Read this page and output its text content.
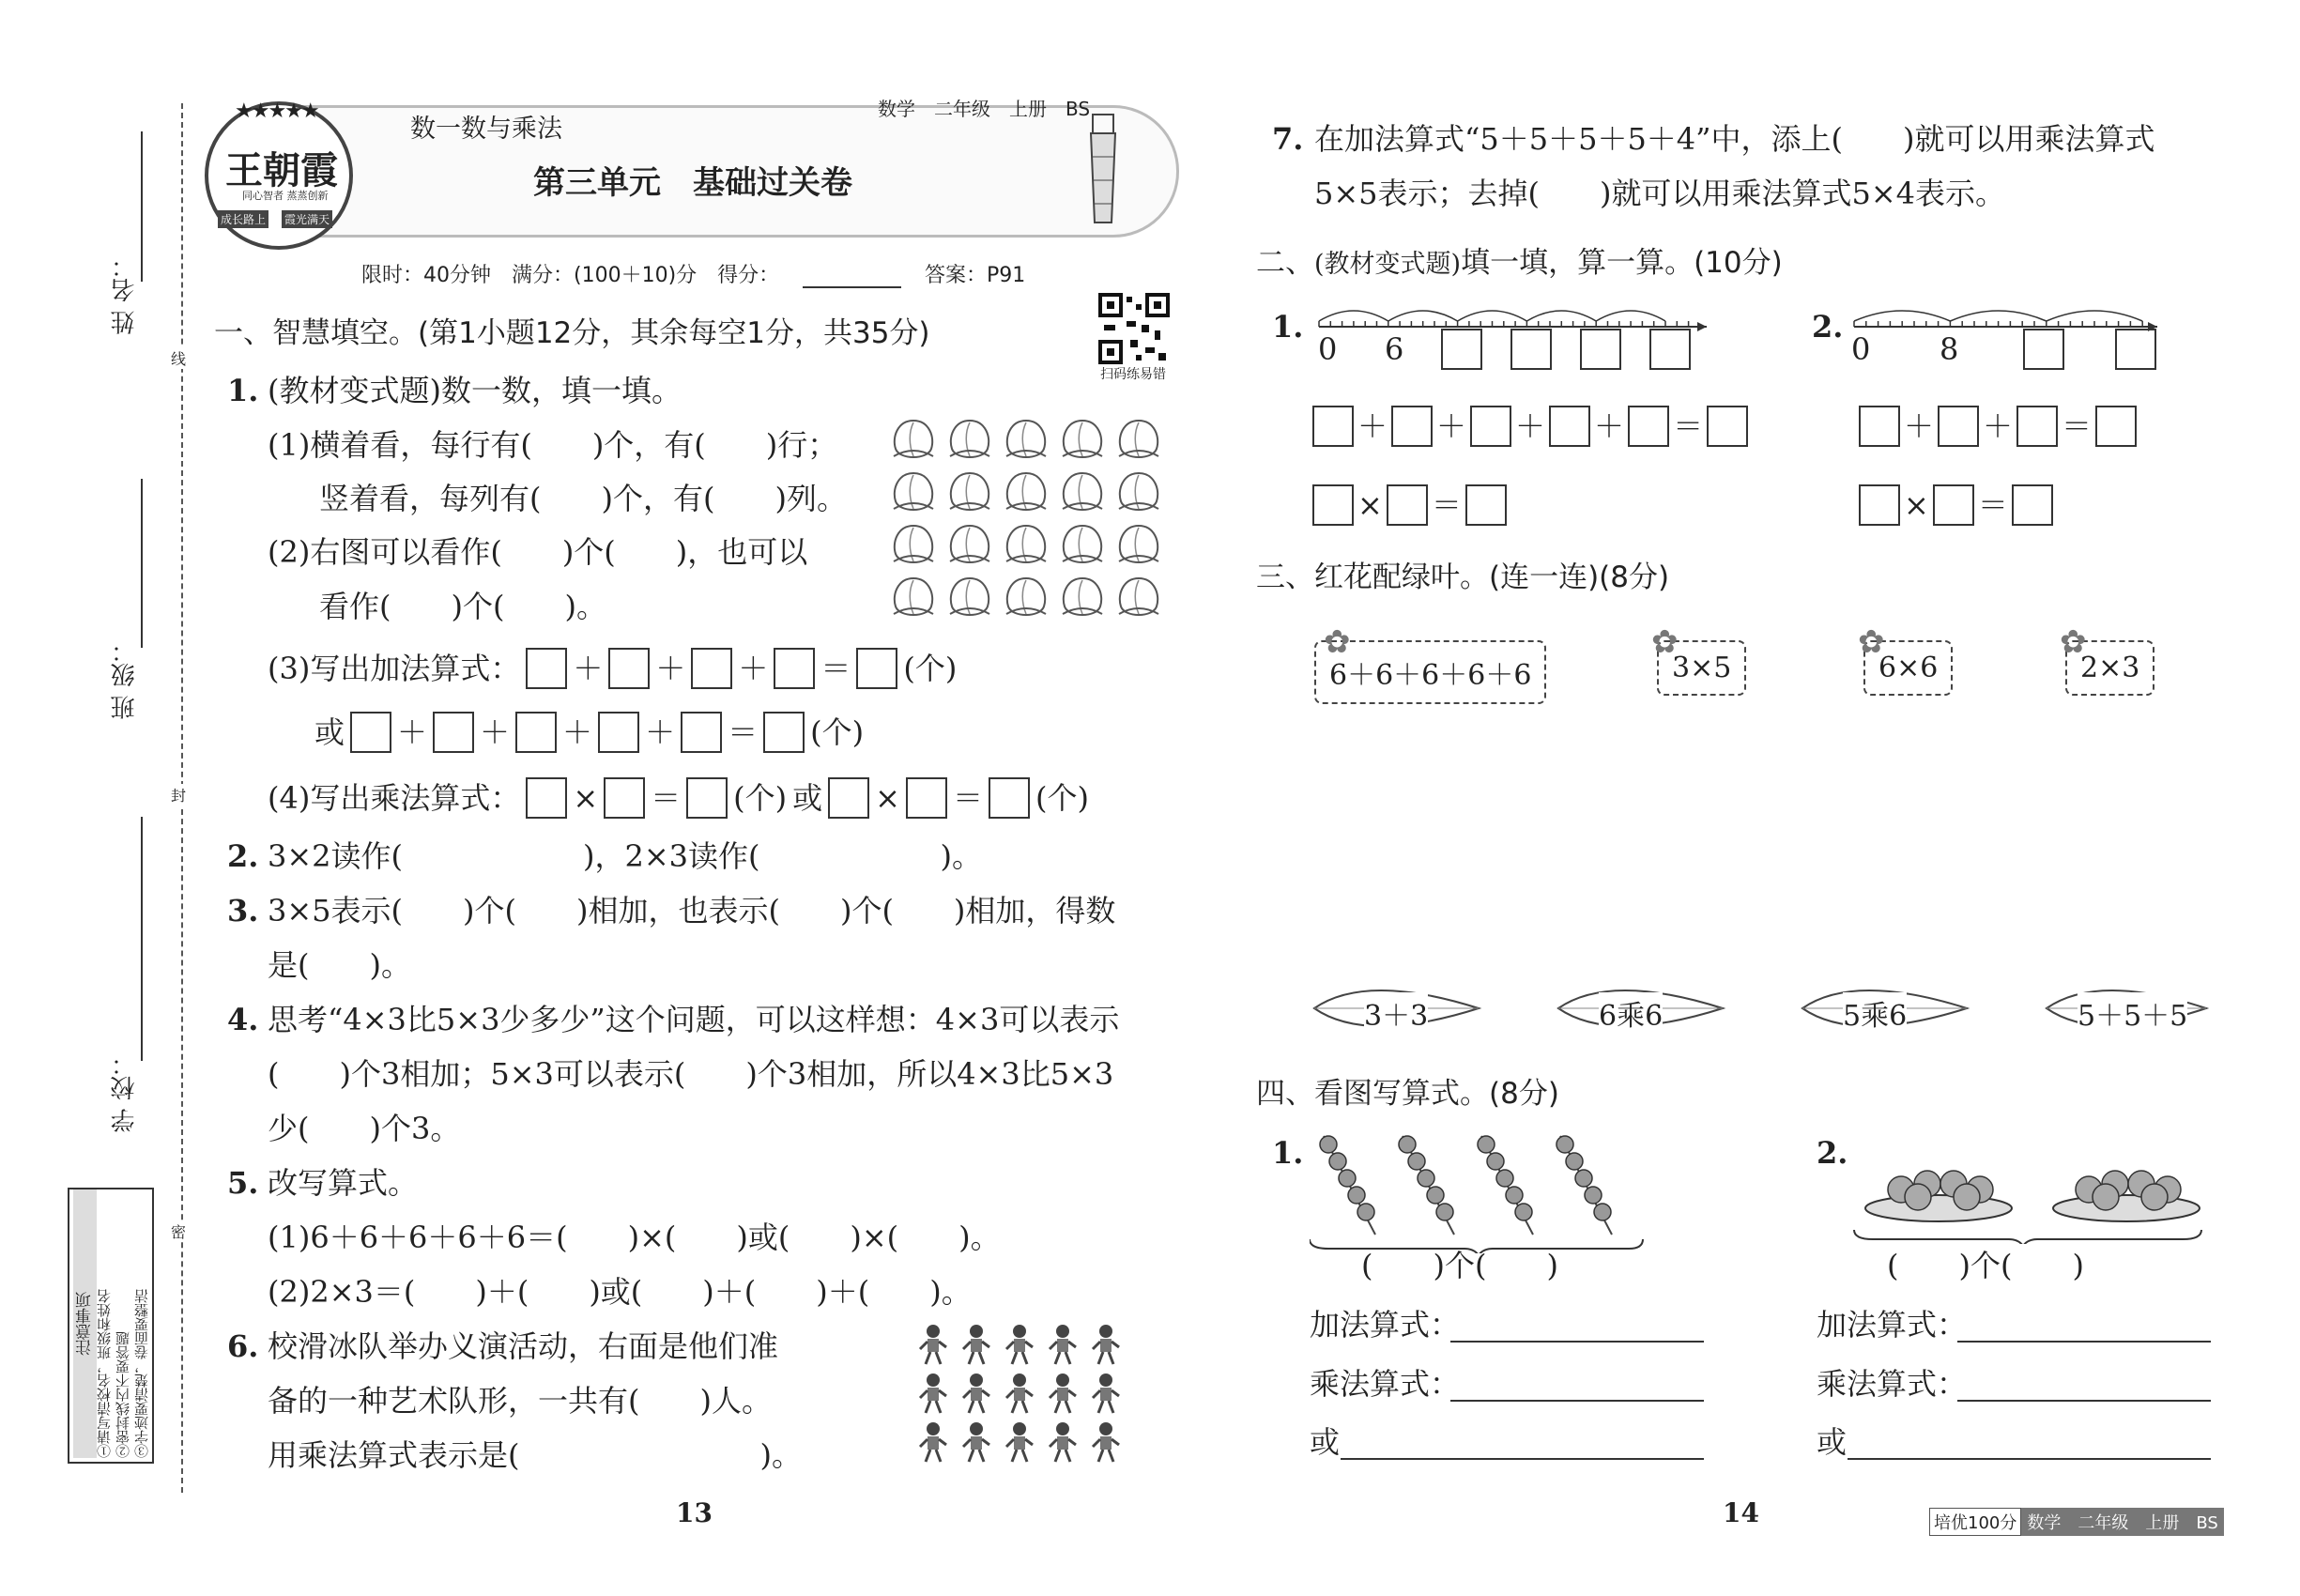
姓 名：
班 级：
学 校：
线
封
密
注意事项 ①请写清校名，班级和姓名 ②密封线内不要答题 ③字迹要清楚，卷面要整洁
★★★★★
王朝霞
同心智者 蒸蒸创新
成长路上 霞光满天
数一数与乘法
数学　二年级　上册　BS
第三单元　基础过关卷
限时：40分钟　满分：(100＋10)分　得分：	答案：P91
扫码练易错
一、智慧填空。(第1小题12分，其余每空1分，共35分)
1. (教材变式题)数一数，填一填。
(1)横着看，每行有(　　)个，有(　　)行；
竖着看，每列有(　　)个，有(　　)列。
(2)右图可以看作(　　)个(　　)，也可以
看作(　　)个(　　)。
(3)写出加法算式： ＋ ＋ ＋ ＝ (个)
或 ＋ ＋ ＋ ＋ ＝ (个)
(4)写出乘法算式： × ＝ (个) 或 × ＝ (个)
2. 3×2读作(　　　　　　)，2×3读作(　　　　　　)。
3. 3×5表示(　　)个(　　)相加，也表示(　　)个(　　)相加，得数
是(　　)。
4. 思考“4×3比5×3少多少”这个问题，可以这样想：4×3可以表示
(　　)个3相加；5×3可以表示(　　)个3相加，所以4×3比5×3
少(　　)个3。
5. 改写算式。
(1)6＋6＋6＋6＋6＝(　　)×(　　)或(　　)×(　　)。
(2)2×3＝(　　)＋(　　)或(　　)＋(　　)＋(　　)。
6. 校滑冰队举办义演活动，右面是他们准
备的一种艺术队形，一共有(　　)人。
用乘法算式表示是(　　　　　　　　)。
13
7. 在加法算式“5＋5＋5＋5＋4”中，添上(　　)就可以用乘法算式
5×5表示；去掉(　　)就可以用乘法算式5×4表示。
二、(教材变式题)填一填，算一算。(10分)
1.
0 6
2.
0 8
＋ ＋ ＋ ＋ ＝
× ＝
＋ ＋ ＝
× ＝
三、红花配绿叶。(连一连)(8分)
✿
6＋6＋6＋6＋6
✿
3×5
✿
6×6
✿
2×3
3＋3	6乘6	5乘6	5＋5＋5
四、看图写算式。(8分)
1.
(　　)个(　　)
加法算式：
乘法算式：
或
2.
(　　)个(　　)
加法算式：
乘法算式：
或
14	培优100分 数学　二年级　上册　BS
